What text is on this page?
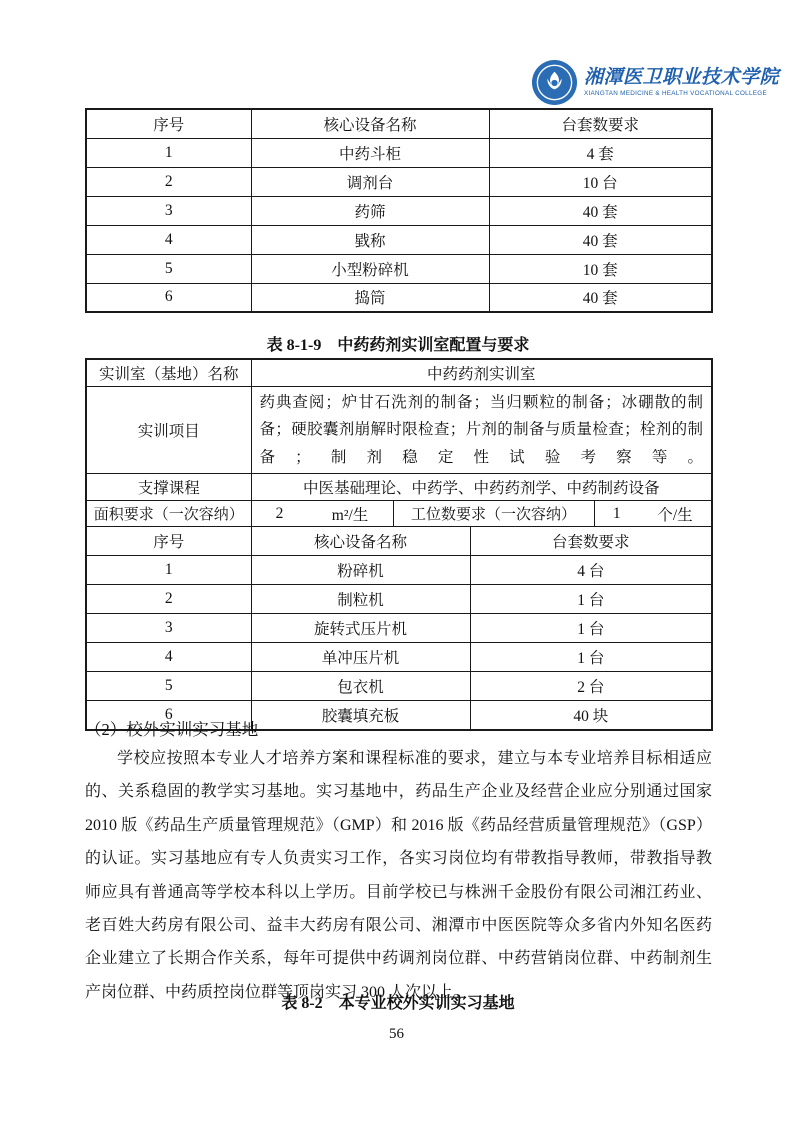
湘潭医卫职业技术学院
XIANGTAN MEDICINE & HEALTH VOCATIONAL COLLEGE
序号	核心设备名称	台套数要求
1	中药斗柜	4 套
2	调剂台	10 台
3	药筛	40 套
4	戥称	40 套
5	小型粉碎机	10 套
6	捣筒	40 套
表 8-1-9　中药药剂实训室配置与要求
实训室（基地）名称	中药药剂实训室			
实训项目	药典查阅；炉甘石洗剂的制备；当归颗粒的制备；冰硼散的制备；硬胶囊剂崩解时限检查；片剂的制备与质量检查；栓剂的制备；制剂稳定性试验考察等。			
支撑课程	中医基础理论、中药学、中药药剂学、中药制药设备			
面积要求（一次容纳）	2 m²/生	工位数要求（一次容纳）		1 个/生

序号	核心设备名称		台套数要求	
1	粉碎机		4 台	
2	制粒机		1 台	
3	旋转式压片机		1 台	
4	单冲压片机		1 台	
5	包衣机		2 台	
6	胶囊填充板		40 块	
（2）校外实训实习基地
学校应按照本专业人才培养方案和课程标准的要求，建立与本专业培养目标相适应
的、关系稳固的教学实习基地。实习基地中，药品生产企业及经营企业应分别通过国家
2010 版《药品生产质量管理规范》（GMP）和 2016 版《药品经营质量管理规范》（GSP）
的认证。实习基地应有专人负责实习工作，各实习岗位均有带教指导教师，带教指导教
师应具有普通高等学校本科以上学历。目前学校已与株洲千金股份有限公司湘江药业、
老百姓大药房有限公司、益丰大药房有限公司、湘潭市中医医院等众多省内外知名医药
企业建立了长期合作关系，每年可提供中药调剂岗位群、中药营销岗位群、中药制剂生
产岗位群、中药质控岗位群等顶岗实习 300 人次以上。
表 8-2　本专业校外实训实习基地
56
